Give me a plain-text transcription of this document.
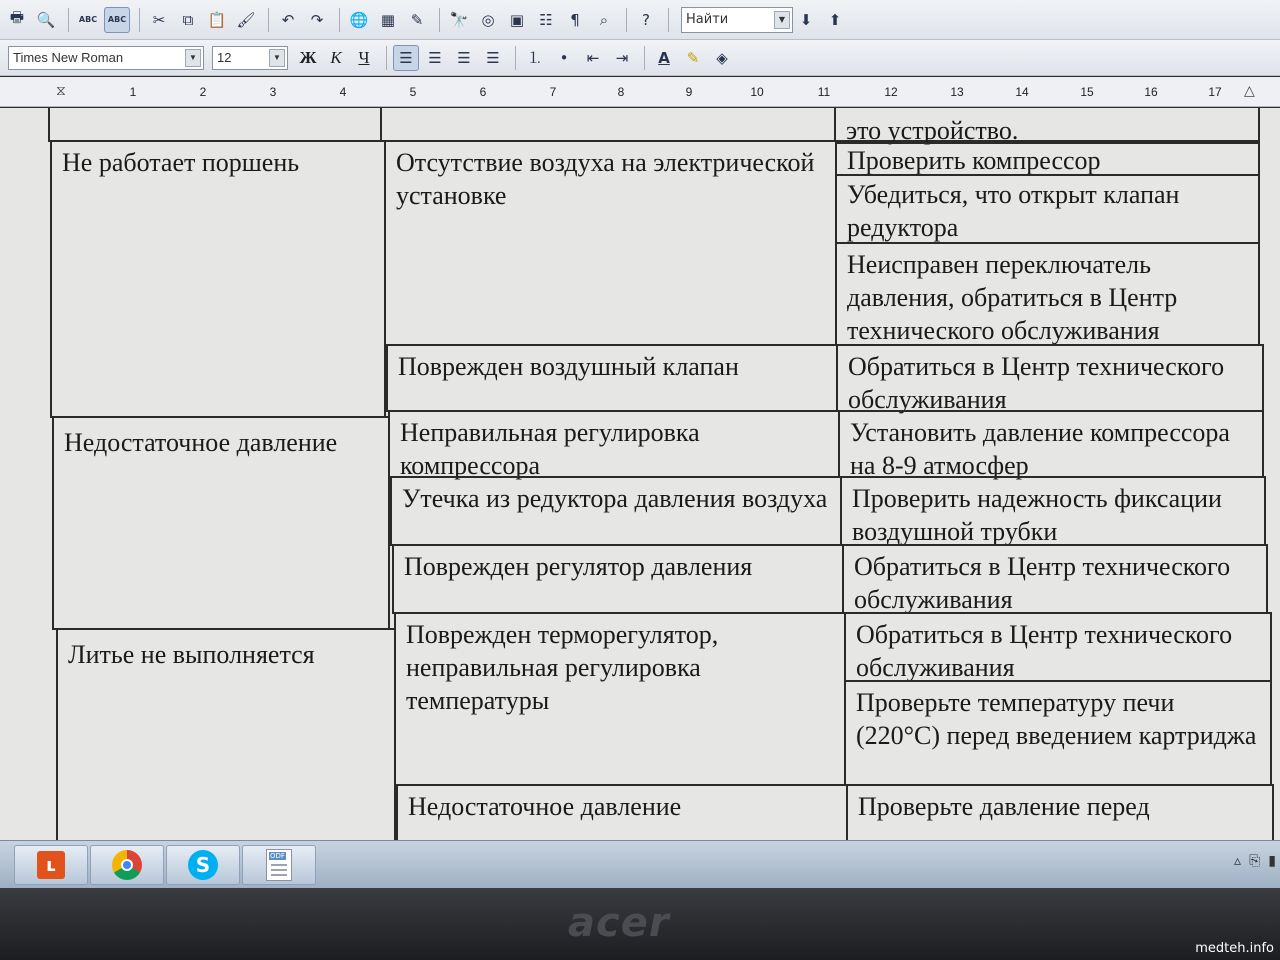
🖶 🔍	ABC	ABC	✂	⧉ 📋 🖌	↶	↷	🌐 ▦	✎	🔭 ◎	▣	☷	¶	⌕	?	Найти	▼ ⬇	⬆
Times New Roman	▼	12	▼ Ж К Ч	☰	☰	☰	☰	⒈	•	⇤	⇥	A	✎	◈
⧖	1	2	3	4	5	6	7	8	9	10	11	12	13	14	15	16	17 △
это устройство.
Не работает поршень	Отсутствие воздуха на электрической установке
Проверить компрессор
Убедиться, что открыт клапан редуктора
Неисправен переключатель давления, обратиться в Центр технического обслуживания
Поврежден воздушный клапан	Обратиться в Центр технического обслуживания
Недостаточное давление	Неправильная регулировка компрессора
Установить давление компрессора на 8-9 атмосфер
Утечка из редуктора давления воздуха Проверить надежность фиксации воздушной трубки
Поврежден регулятор давления	Обратиться в Центр технического обслуживания
Литье не выполняется
Поврежден терморегулятор, неправильная регулировка температуры
Обратиться в Центр технического обслуживания
Проверьте температуру печи (220°С) перед введением картриджа
Недостаточное давление	Проверьте давление перед
ʟ	S	ODF	▵ ⎘ ▮
acer
medteh.info
